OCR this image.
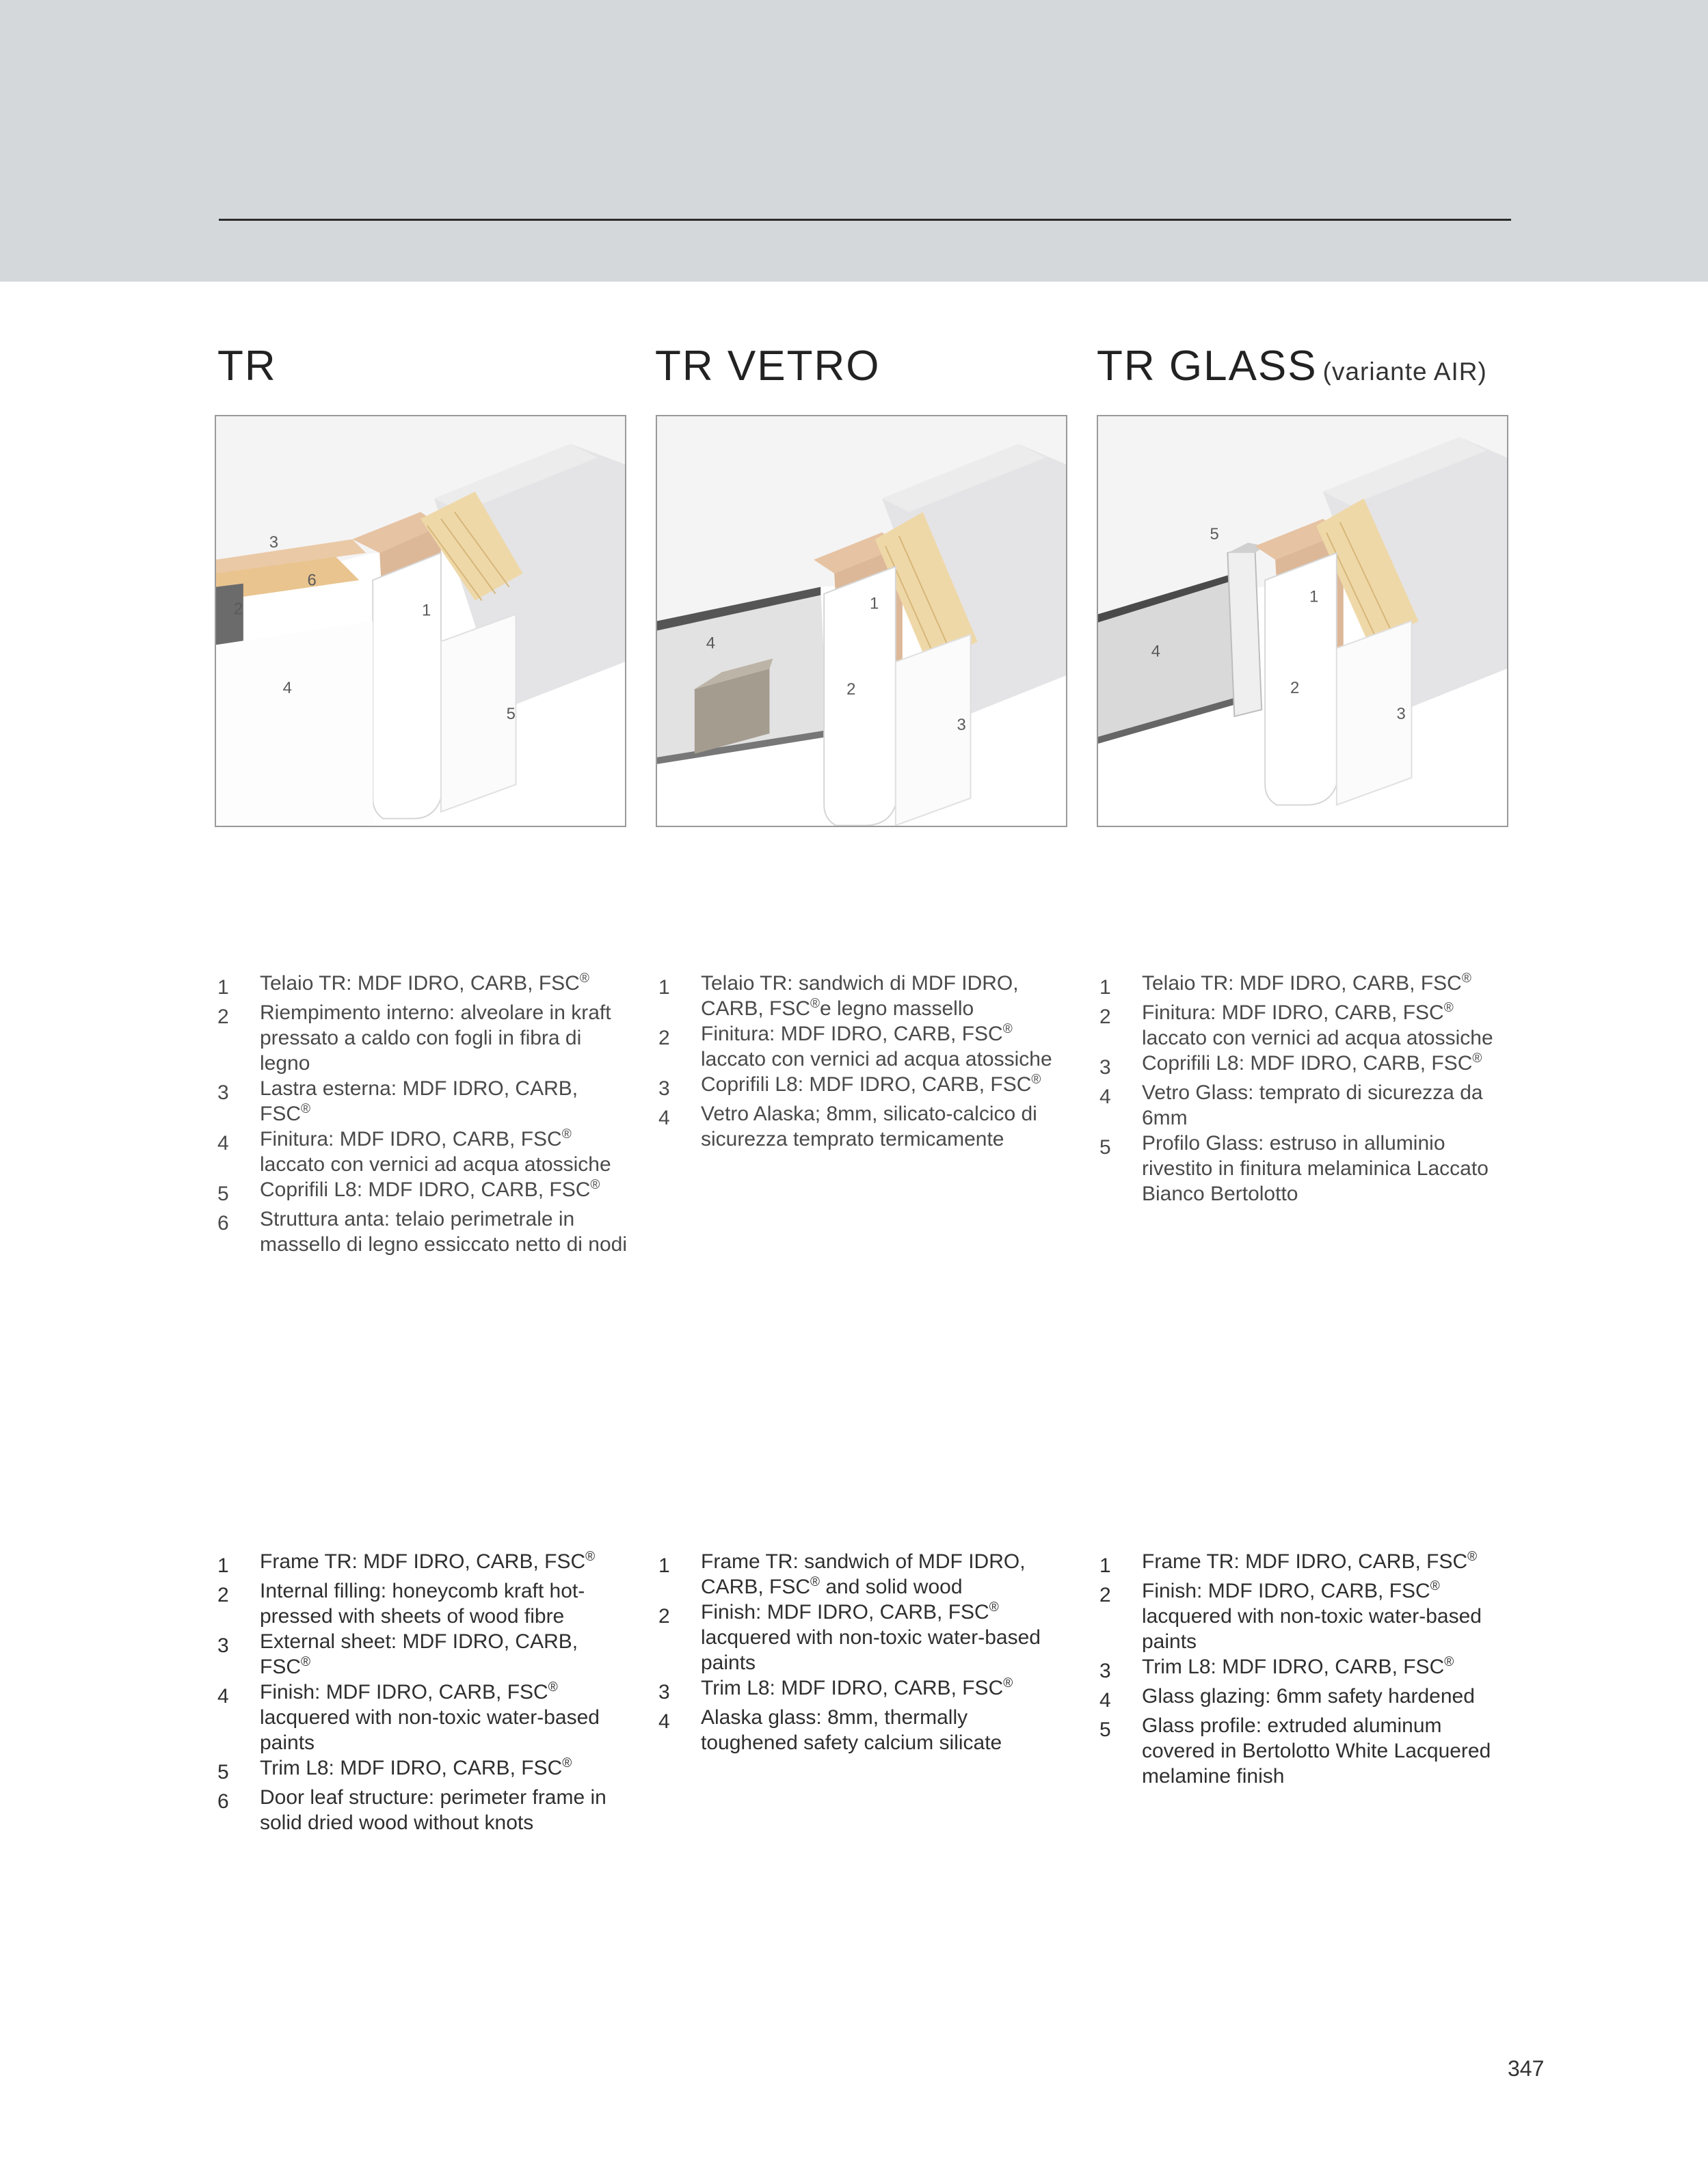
TR	TR VETRO	TR GLASS (variante AIR)
3
6
2	1
4
5
1
4
2
3
5
1
4
2
3
1	Telaio TR: MDF IDRO, CARB, FSC®
2	Riempimento interno: alveolare in kraft pressato a caldo con fogli in fibra di legno
3	Lastra esterna: MDF IDRO, CARB, FSC®
4	Finitura: MDF IDRO, CARB, FSC® laccato con vernici ad acqua atossiche
5	Coprifili L8: MDF IDRO, CARB, FSC®
6	Struttura anta: telaio perimetrale in massello di legno essiccato netto di nodi
1	Telaio TR: sandwich di MDF IDRO, CARB, FSC®e legno massello
2	Finitura: MDF IDRO, CARB, FSC® laccato con vernici ad acqua atossiche
3	Coprifili L8: MDF IDRO, CARB, FSC®
4	Vetro Alaska; 8mm, silicato-calcico di sicurezza temprato termicamente
1	Telaio TR: MDF IDRO, CARB, FSC®
2	Finitura: MDF IDRO, CARB, FSC® laccato con vernici ad acqua atossiche
3	Coprifili L8: MDF IDRO, CARB, FSC®
4	Vetro Glass: temprato di sicurezza da 6mm
5	Profilo Glass: estruso in alluminio rivestito in finitura melaminica Laccato Bianco Bertolotto
1	Frame TR: MDF IDRO, CARB, FSC®
2	Internal filling: honeycomb kraft hot-pressed with sheets of wood fibre
3	External sheet: MDF IDRO, CARB, FSC®
4	Finish: MDF IDRO, CARB, FSC® lacquered with non-toxic water-based paints
5	Trim L8: MDF IDRO, CARB, FSC®
6	Door leaf structure: perimeter frame in solid dried wood without knots
1	Frame TR: sandwich of MDF IDRO, CARB, FSC® and solid wood
2	Finish: MDF IDRO, CARB, FSC® lacquered with non-toxic water-based paints
3	Trim L8: MDF IDRO, CARB, FSC®
4	Alaska glass: 8mm, thermally toughened safety calcium silicate
1	Frame TR: MDF IDRO, CARB, FSC®
2	Finish: MDF IDRO, CARB, FSC® lacquered with non-toxic water-based paints
3	Trim L8: MDF IDRO, CARB, FSC®
4	Glass glazing: 6mm safety hardened
5	Glass profile: extruded aluminum covered in Bertolotto White Lacquered melamine finish
347
